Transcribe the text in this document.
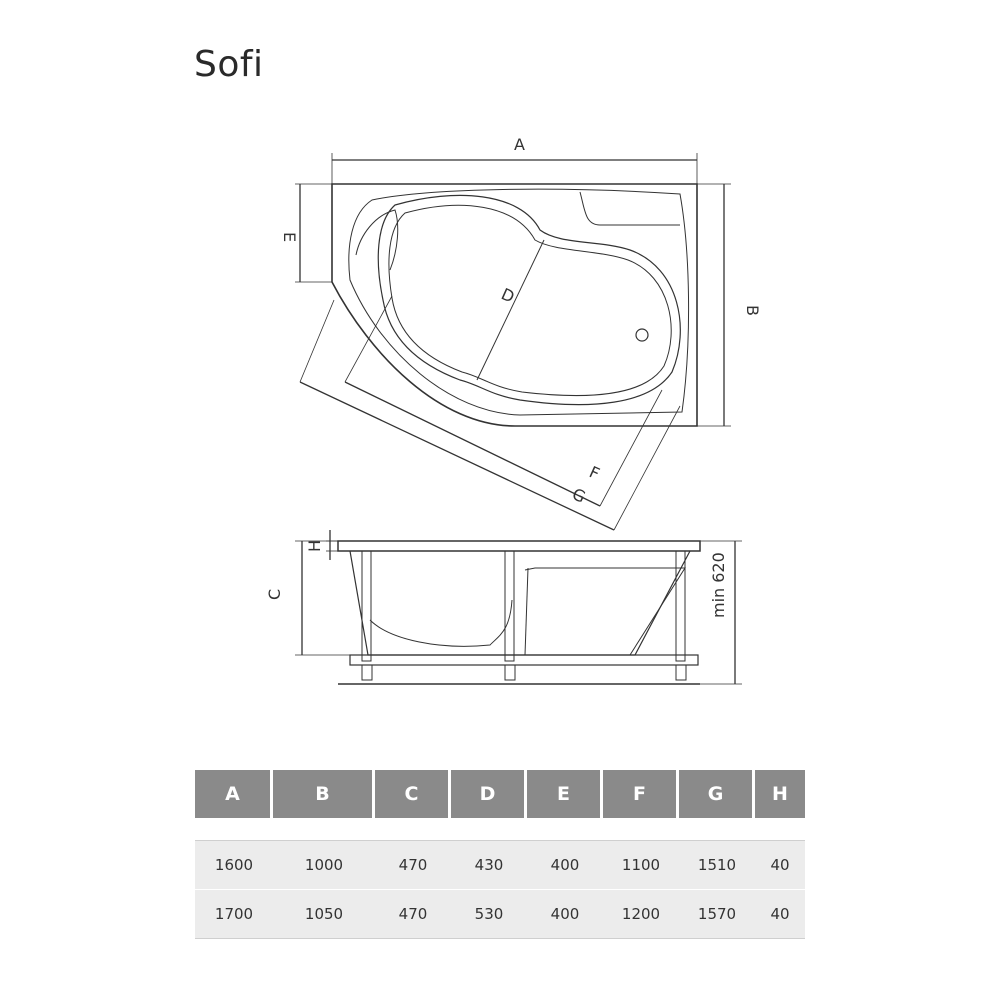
Sofi
A
B
E
D
F
G
C
H
min 620
A	B	C	D	E	F	G	H
1600	1000	470	430	400	1100	1510	40
1700	1050	470	530	400	1200	1570	40
